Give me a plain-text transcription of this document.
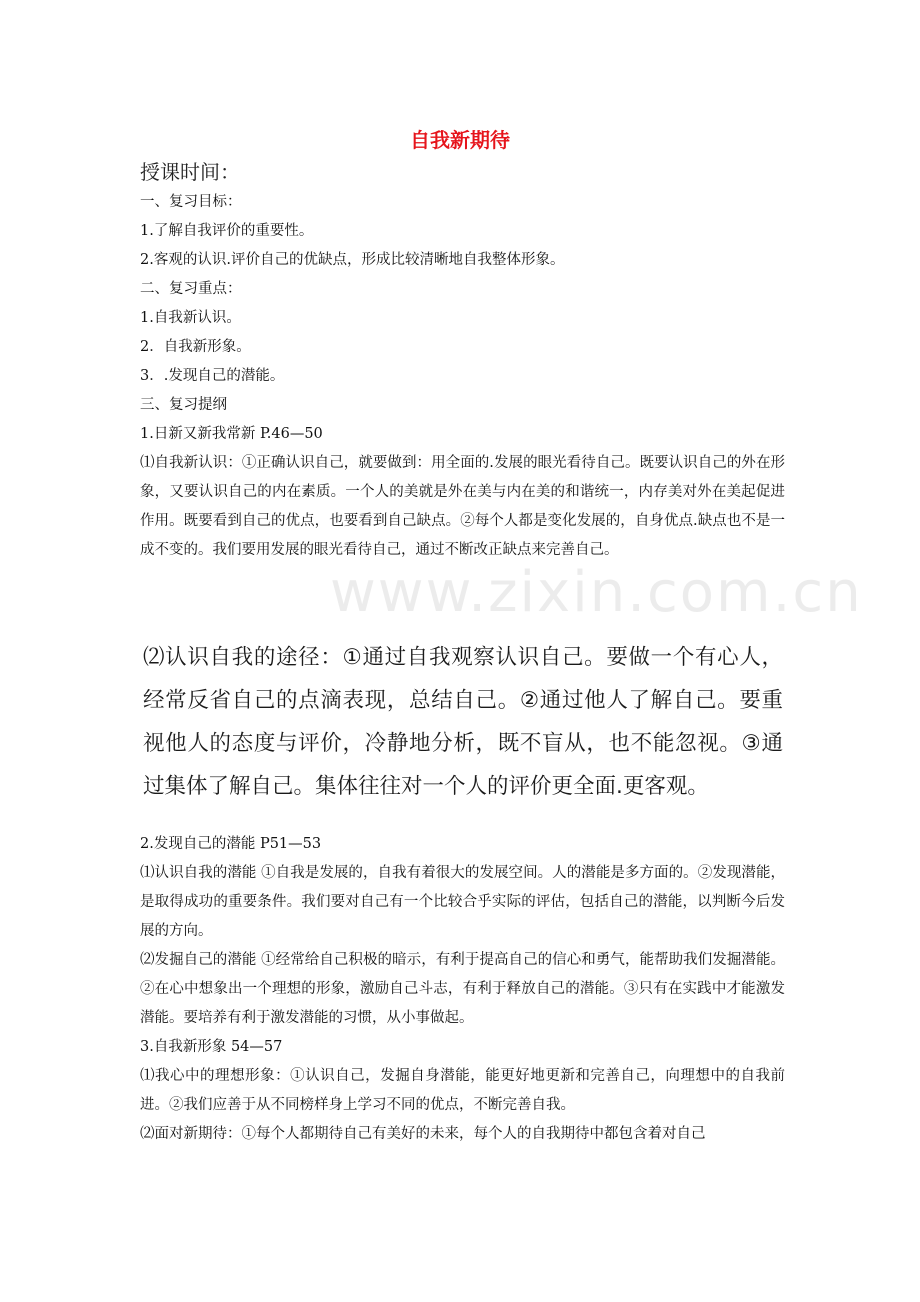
www.zixin.com.cn
自我新期待
授课时间：

一、复习目标：

1.了解自我评价的重要性。

2.客观的认识.评价自己的优缺点，形成比较清晰地自我整体形象。

二、复习重点：

1.自我新认识。

2．自我新形象。

3．.发现自己的潜能。

三、复习提纲

1.日新又新我常新 P.46—50

⑴自我新认识：①正确认识自己，就要做到：用全面的.发展的眼光看待自己。既要认识自己的外在形象，又要认识自己的内在素质。一个人的美就是外在美与内在美的和谐统一，内存美对外在美起促进作用。既要看到自己的优点，也要看到自己缺点。②每个人都是变化发展的，自身优点.缺点也不是一成不变的。我们要用发展的眼光看待自己，通过不断改正缺点来完善自己。

⑵认识自我的途径：①通过自我观察认识自己。要做一个有心人，经常反省自己的点滴表现，总结自己。②通过他人了解自己。要重视他人的态度与评价，冷静地分析，既不盲从，也不能忽视。③通过集体了解自己。集体往往对一个人的评价更全面.更客观。

2.发现自己的潜能 P51—53

⑴认识自我的潜能 ①自我是发展的，自我有着很大的发展空间。人的潜能是多方面的。②发现潜能，是取得成功的重要条件。我们要对自己有一个比较合乎实际的评估，包括自己的潜能，以判断今后发展的方向。

⑵发掘自己的潜能 ①经常给自己积极的暗示，有利于提高自己的信心和勇气，能帮助我们发掘潜能。②在心中想象出一个理想的形象，激励自己斗志，有利于释放自己的潜能。③只有在实践中才能激发潜能。要培养有利于激发潜能的习惯，从小事做起。

3.自我新形象 54—57

⑴我心中的理想形象：①认识自己，发掘自身潜能，能更好地更新和完善自己，向理想中的自我前进。②我们应善于从不同榜样身上学习不同的优点，不断完善自我。

⑵面对新期待：①每个人都期待自己有美好的未来，每个人的自我期待中都包含着对自己
